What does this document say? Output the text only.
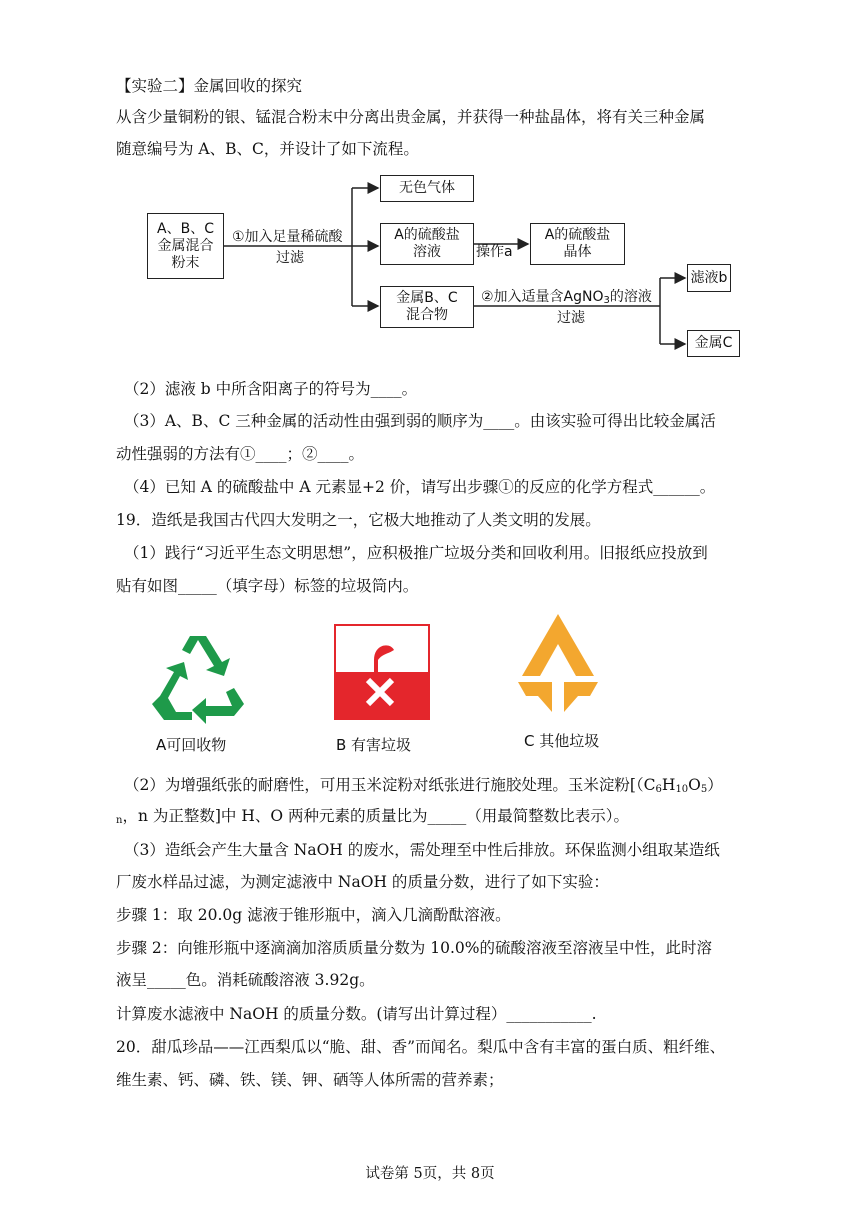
【实验二】金属回收的探究
从含少量铜粉的银、锰混合粉末中分离出贵金属，并获得一种盐晶体，将有关三种金属
随意编号为 A、B、C，并设计了如下流程。
A、B、C
金属混合
粉末
无色气体
A的硫酸盐
溶液
A的硫酸盐
晶体
金属B、C
混合物
滤液b
金属C
①加入足量稀硫酸
过滤	操作a
②加入适量含AgNO$_3$的溶液
过滤
（2）滤液 b 中所含阳离子的符号为____。
（3）A、B、C 三种金属的活动性由强到弱的顺序为____。由该实验可得出比较金属活
动性强弱的方法有①____；②____。
（4）已知 A 的硫酸盐中 A 元素显+2 价，请写出步骤①的反应的化学方程式______。
19．造纸是我国古代四大发明之一，它极大地推动了人类文明的发展。
（1）践行“习近平生态文明思想”，应积极推广垃圾分类和回收利用。旧报纸应投放到
贴有如图_____（填字母）标签的垃圾筒内。
A可回收物	B 有害垃圾	C 其他垃圾
（2）为增强纸张的耐磨性，可用玉米淀粉对纸张进行施胶处理。玉米淀粉[$(C_6H_{10}O_5)$
$_n$，n 为正整数]中 H、O 两种元素的质量比为_____（用最简整数比表示）。
（3）造纸会产生大量含 NaOH 的废水，需处理至中性后排放。环保监测小组取某造纸
厂废水样品过滤，为测定滤液中 NaOH 的质量分数，进行了如下实验：
步骤 1：取 20.0g 滤液于锥形瓶中，滴入几滴酚酞溶液。
步骤 2：向锥形瓶中逐滴滴加溶质质量分数为 10.0%的硫酸溶液至溶液呈中性，此时溶
液呈_____色。消耗硫酸溶液 3.92g。
计算废水滤液中 NaOH 的质量分数。(请写出计算过程）___________.
20．甜瓜珍品——江西梨瓜以“脆、甜、香”而闻名。梨瓜中含有丰富的蛋白质、粗纤维、
维生素、钙、磷、铁、镁、钾、硒等人体所需的营养素；
试卷第 5页，共 8页
